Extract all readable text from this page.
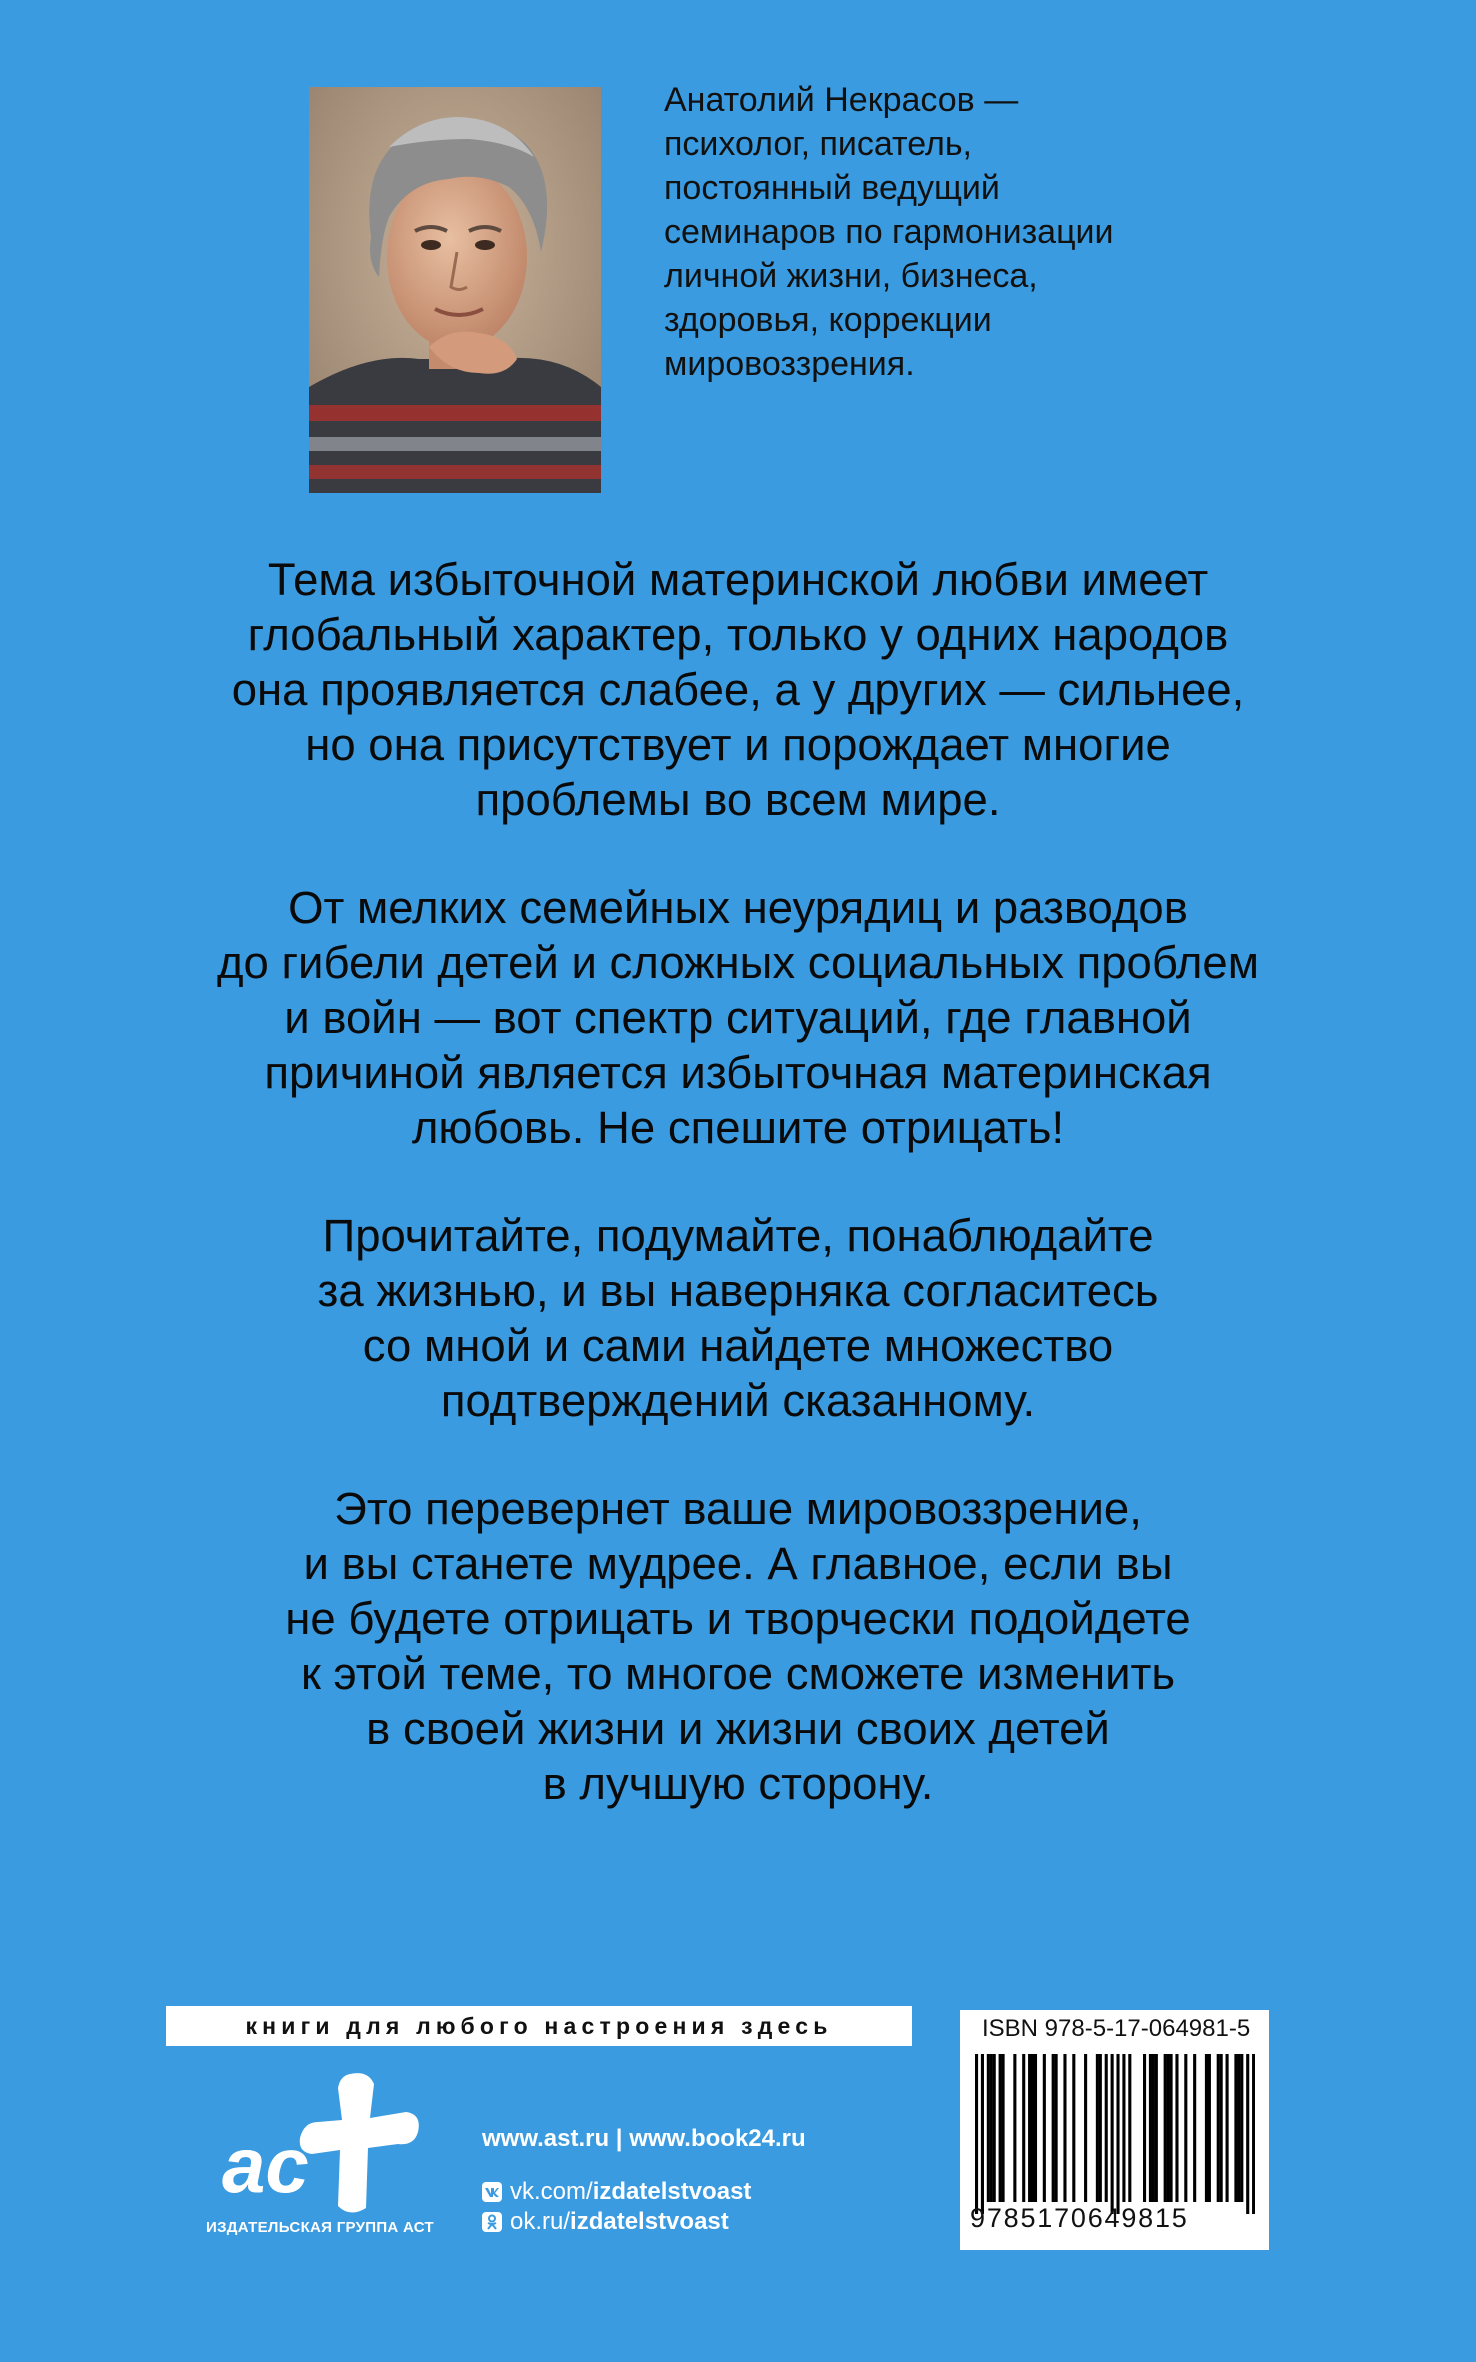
Анатолий Некрасов —
психолог, писатель,
постоянный ведущий
семинаров по гармонизации
личной жизни, бизнеса,
здоровья, коррекции
мировоззрения.

Тема избыточной материнской любви имеет
глобальный характер, только у одних народов
она проявляется слабее, а у других — сильнее,
но она присутствует и порождает многие
проблемы во всем мире.

От мелких семейных неурядиц и разводов
до гибели детей и сложных социальных проблем
и войн — вот спектр ситуаций, где главной
причиной является избыточная материнская
любовь. Не спешите отрицать!

Прочитайте, подумайте, понаблюдайте
за жизнью, и вы наверняка согласитесь
со мной и сами найдете множество
подтверждений сказанному.

Это перевернет ваше мировоззрение,
и вы станете мудрее. А главное, если вы
не будете отрицать и творчески подойдете
к этой теме, то многое сможете изменить
в своей жизни и жизни своих детей
в лучшую сторону.

книги для любого настроения здесь
ac
ИЗДАТЕЛЬСКАЯ ГРУППА АСТ
www.ast.ru | www.book24.ru
vk.com/ izdatelstvoast
ok.ru/ izdatelstvoast
ISBN 978-5-17-064981-5
9785170649815
